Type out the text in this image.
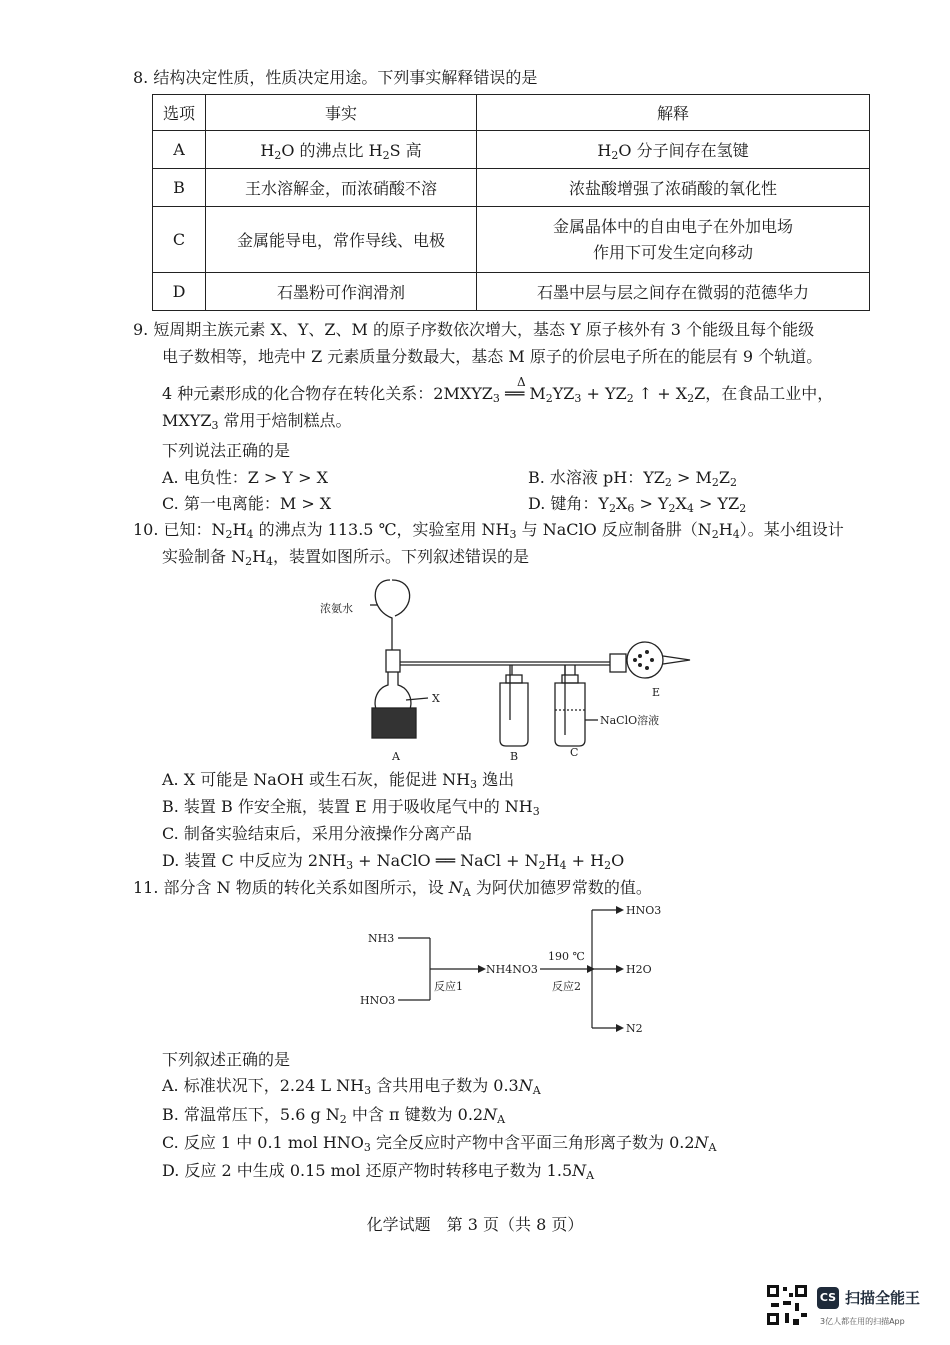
8. 结构决定性质，性质决定用途。下列事实解释错误的是
选项	事实	解释
A	$H_2O$ 的沸点比 $H_2S$ 高	$H_2O$ 分子间存在氢键
B	王水溶解金，而浓硝酸不溶	浓盐酸增强了浓硝酸的氧化性
C	金属能导电，常作导线、电极	金属晶体中的自由电子在外加电场
作用下可发生定向移动
D	石墨粉可作润滑剂	石墨中层与层之间存在微弱的范德华力
9. 短周期主族元素 X、Y、Z、M 的原子序数依次增大，基态 Y 原子核外有 3 个能级且每个能级
电子数相等，地壳中 Z 元素质量分数最大，基态 M 原子的价层电子所在的能层有 9 个轨道。
4 种元素形成的化合物存在转化关系：$2MXYZ_3$
Δ
══ $M_2YZ_3 + YZ_2$ ↑ + $X_2Z$，在食品工业中，
$MXYZ_3$ 常用于焙制糕点。
下列说法正确的是
A. 电负性：Z > Y > X	B. 水溶液 pH：$YZ_2 > M_2Z_2$
C. 第一电离能：M > X	D. 键角：$Y_2X_6 > Y_2X_4 > YZ_2$
10. 已知：$N_2H_4$ 的沸点为 113.5 ℃，实验室用 $NH_3$ 与 NaClO 反应制备肼$(N_2H_4)$。某小组设计
实验制备 $N_2H_4$，装置如图所示。下列叙述错误的是
浓氨水
X
NaClO溶液
A	B	C
E
A. X 可能是 NaOH 或生石灰，能促进 $NH_3$ 逸出
B. 装置 B 作安全瓶，装置 E 用于吸收尾气中的 $NH_3$
C. 制备实验结束后，采用分液操作分离产品
D. 装置 C 中反应为 $2NH_3$ + NaClO ══ NaCl + $N_2H_4 + H_2O$
11. 部分含 N 物质的转化关系如图所示，设 $N_A$ 为阿伏加德罗常数的值。
NH3
HNO3
反应1
NH4NO3
190 ℃
反应2
HNO3
H2O
N2
下列叙述正确的是
A. 标准状况下，2.24 L $NH_3$ 含共用电子数为 $0.3N_A$
B. 常温常压下，5.6 g $N_2$ 中含 π 键数为 $0.2N_A$
C. 反应 1 中 0.1 mol $HNO_3$ 完全反应时产物中含平面三角形离子数为 $0.2N_A$
D. 反应 2 中生成 0.15 mol 还原产物时转移电子数为 $1.5N_A$
化学试题　第 3 页（共 8 页）
CS 扫描全能王
3亿人都在用的扫描App
